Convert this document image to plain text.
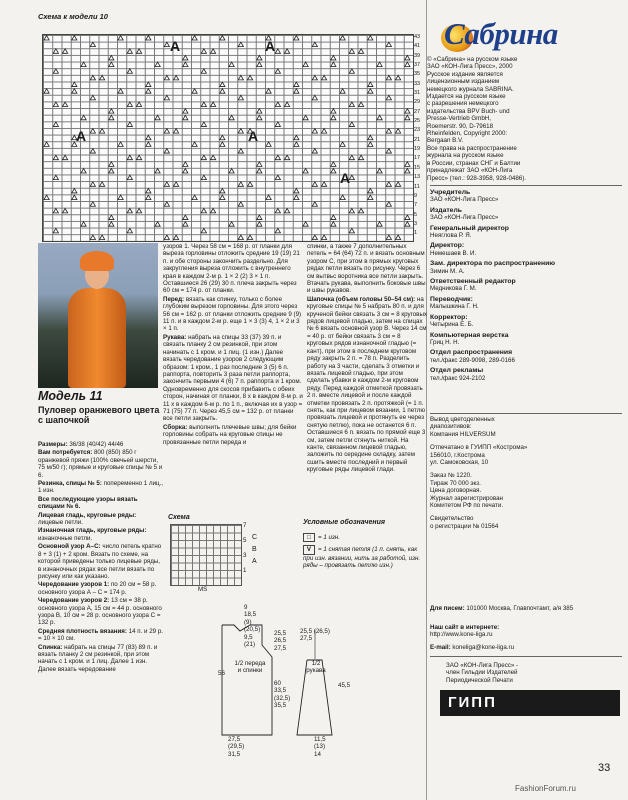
Схема к модели 10
43
41
39
37
35
33
31
29
27
25
23
21
19
17
15
13
11
9
7
5
3
1
A	A
A	A
A
Сабрина
© «Сабрина» на русском языке
ЗАО «КОН-Лига Пресс», 2000
Русское издание является
лицензионным изданием
немецкого журнала SABRINA.
Издается на русском языке
с разрешения немецкого
издательства BPV Buch- und
Presse-Vertrieb GmbH,
Roemerstr. 90, D-79618
Rheinfelden, Copyright 2000:
Bergaan B.V.
Все права на распространение
журнала на русском языке
в России, странах СНГ и Балтии
принадлежат ЗАО «КОН-Лига
Пресс» (тел.: 928-3958, 928-0486).
Учредитель
ЗАО «КОН-Лига Пресс»
Издатель
ЗАО «КОН-Лига Пресс»
Генеральный директор
Неяглова Р. Я.
Директор:
Немешаев В. И.
Зам. директора по распространению
Зимин М. А.
Ответственный редактор
Медникова Г. М.
Переводчик:
Малышкина Г. Н.
Корректор:
Четырина Е. Б.
Компьютерная верстка
Гриц Н. Н.
Отдел распространения
тел./факс 289-9098, 289-0166
Отдел рекламы
тел./факс 924-2102
Вывод цветоделенных
диапозитивов:
Компания HILVERSUM
Отпечатано в ГУИПП «Кострома»
156010, г.Кострома
ул. Самоковская, 10
Заказ № 1220.
Тираж 70 000 экз.
Цена договорная.
Журнал зарегистрирован
Комитетом РФ по печати.
Свидетельство
о регистрации № 01564
Для писем: 101000 Москва, Главпочтамт, а/я 385
Наш сайт в интернете:
http://www.kone-liga.ru
E-mail: koneliga@kone-liga.ru
ЗАО «КОН-Лига Пресс» -
член Гильдии Издателей
Периодической Печати
ГИПП
33
Модель 11
Пуловер оранжевого цвета с шапочкой
Размеры: 36/38 (40/42) 44/46
Вам потребуется: 800 (850) 850 г оранжевой пряжи (100% овечьей шерсти, 75 м/50 г); прямые и круговые спицы № 5 и 6.
Резинка, спицы № 5: попеременно 1 лиц., 1 изн.
Все последующие узоры вязать спицами № 6.
Лицевая гладь, круговые ряды: лицевые петли.
Изнаночная гладь, круговые ряды: изнаночные петли.
Основной узор А–С: число петель кратно 8 + 3 (1) + 2 кром. Вязать по схеме, на которой приведены только лицевые ряды, в изнаночных рядах все петли вязать по рисунку или как указано.
Чередование узоров 1: по 20 см = 58 р. основного узора А – С = 174 р.
Чередование узоров 2: 13 см = 38 р. основного узора А, 15 см = 44 р. основного узора В, 10 см = 28 р. основного узора С = 132 р.
Средняя плотность вязания: 14 п. и 29 р. = 10 × 10 см.
Спинка: набрать на спицы 77 (83) 89 п. и вязать планку 2 см резинкой, при этом начать с 1 кром. и 1 лиц. Далее 1 изн. Далее вязать чередование
узоров 1. Через 58 см = 168 р. от планки для выреза горловины отложить средние 19 (19) 21 п. и обе стороны закончить раздельно. Для закругления выреза отложить с внутреннего края в каждом 2-м р. 1 × 2 (2) 3 × 1 п. Оставшиеся 26 (29) 30 п. плеча закрыть через 60 см = 174 р. от планки.
Перед: вязать как спинку, только с более глубоким вырезом горловины. Для этого через 56 см = 162 р. от планки отложить средние 9 (9) 11 п. и в каждом 2-м р. еще 1 × 3 (3) 4, 1 × 2 и 3 × 1 п.
Рукава: набрать на спицы 33 (37) 39 п. и связать планку 2 см резинкой, при этом начинать с 1 кром. и 1 лиц. (1 изн.) Далее вязать чередование узоров 2 следующим образом: 1 кром., 1 раз последние 3 (5) 6 п. раппорта, повторить 3 раза петли раппорта, закончить первыми 4 (6) 7 п. раппорта и 1 кром. Одновременно для скосов прибавить с обеих сторон, начиная от планки, 8 х в каждом 8-м р. и 11 х в каждом 6-м р. по 1 п., включая их в узор = 71 (75) 77 п. Через 45,5 см = 132 р. от планки все петли закрыть.
Сборка: выполнить плечевые швы; для бейки горловины собрать на круговые спицы не провязанные петли переда и
спинки, а также 7 дополнительных петель = 64 (64) 72 п. и вязать основным узором С, при этом в прямых круговых рядах петли вязать по рисунку. Через 6 см вытвьс воротника все петли закрыть. Втачать рукава, выполнить боковые швы и швы рукавов.
Шапочка (объем головы 50–54 см): на круговые спицы № 5 набрать 80 п. и для крученой бейки связать 3 см = 8 круговых рядов лицевой гладью, затем на спицах № 6 вязать основной узор В. Через 14 см = 40 р. от бейки связать 3 см = 8 круговых рядов изнаночной гладью (= кант), при этом в последнем круговом ряду закрыть 2 п. = 78 п. Разделить работу на 3 части, сделать 3 отметки и вязать лицевой гладью, при этом сделать убавки в каждом 2-м круговом ряду. Перед каждой отметкой провязать 2 п. вместе лицевой и после каждой отметки провязать 2 п. протяжкой (= 1 п. снять, как при лицевом вязании, 1 петлю провязать лицевой и протянуть ее через снятую петлю), пока не останется 6 п. Оставшиеся 6 п. вязать по прямой еще 3 см, затем петли стянуть ниткой. На канте, связанном лицевой гладью, заложить по середине складку, затем сшить вместе последний и первый круговые ряды лицевой глади.
Схема
7
5
3
1
C
B
A
MS
Условные обозначения
□ = 1 изн.
V = 1 снятая петля (1 п. снять, как при изн. вязании, нить за работой, изн. ряды – провязать петлю изн.)
1/2 переда и спинки
1/2 рукава
56
9
18,5
(9)
(20,5)
9,5
(21)
25,5
26,5
27,5
60
33,5
(32,5)
35,5
27,5
(29,5)
31,5
25,5 (26,5)
27,5
45,5
11,5
(13)
14
FashionForum.ru
